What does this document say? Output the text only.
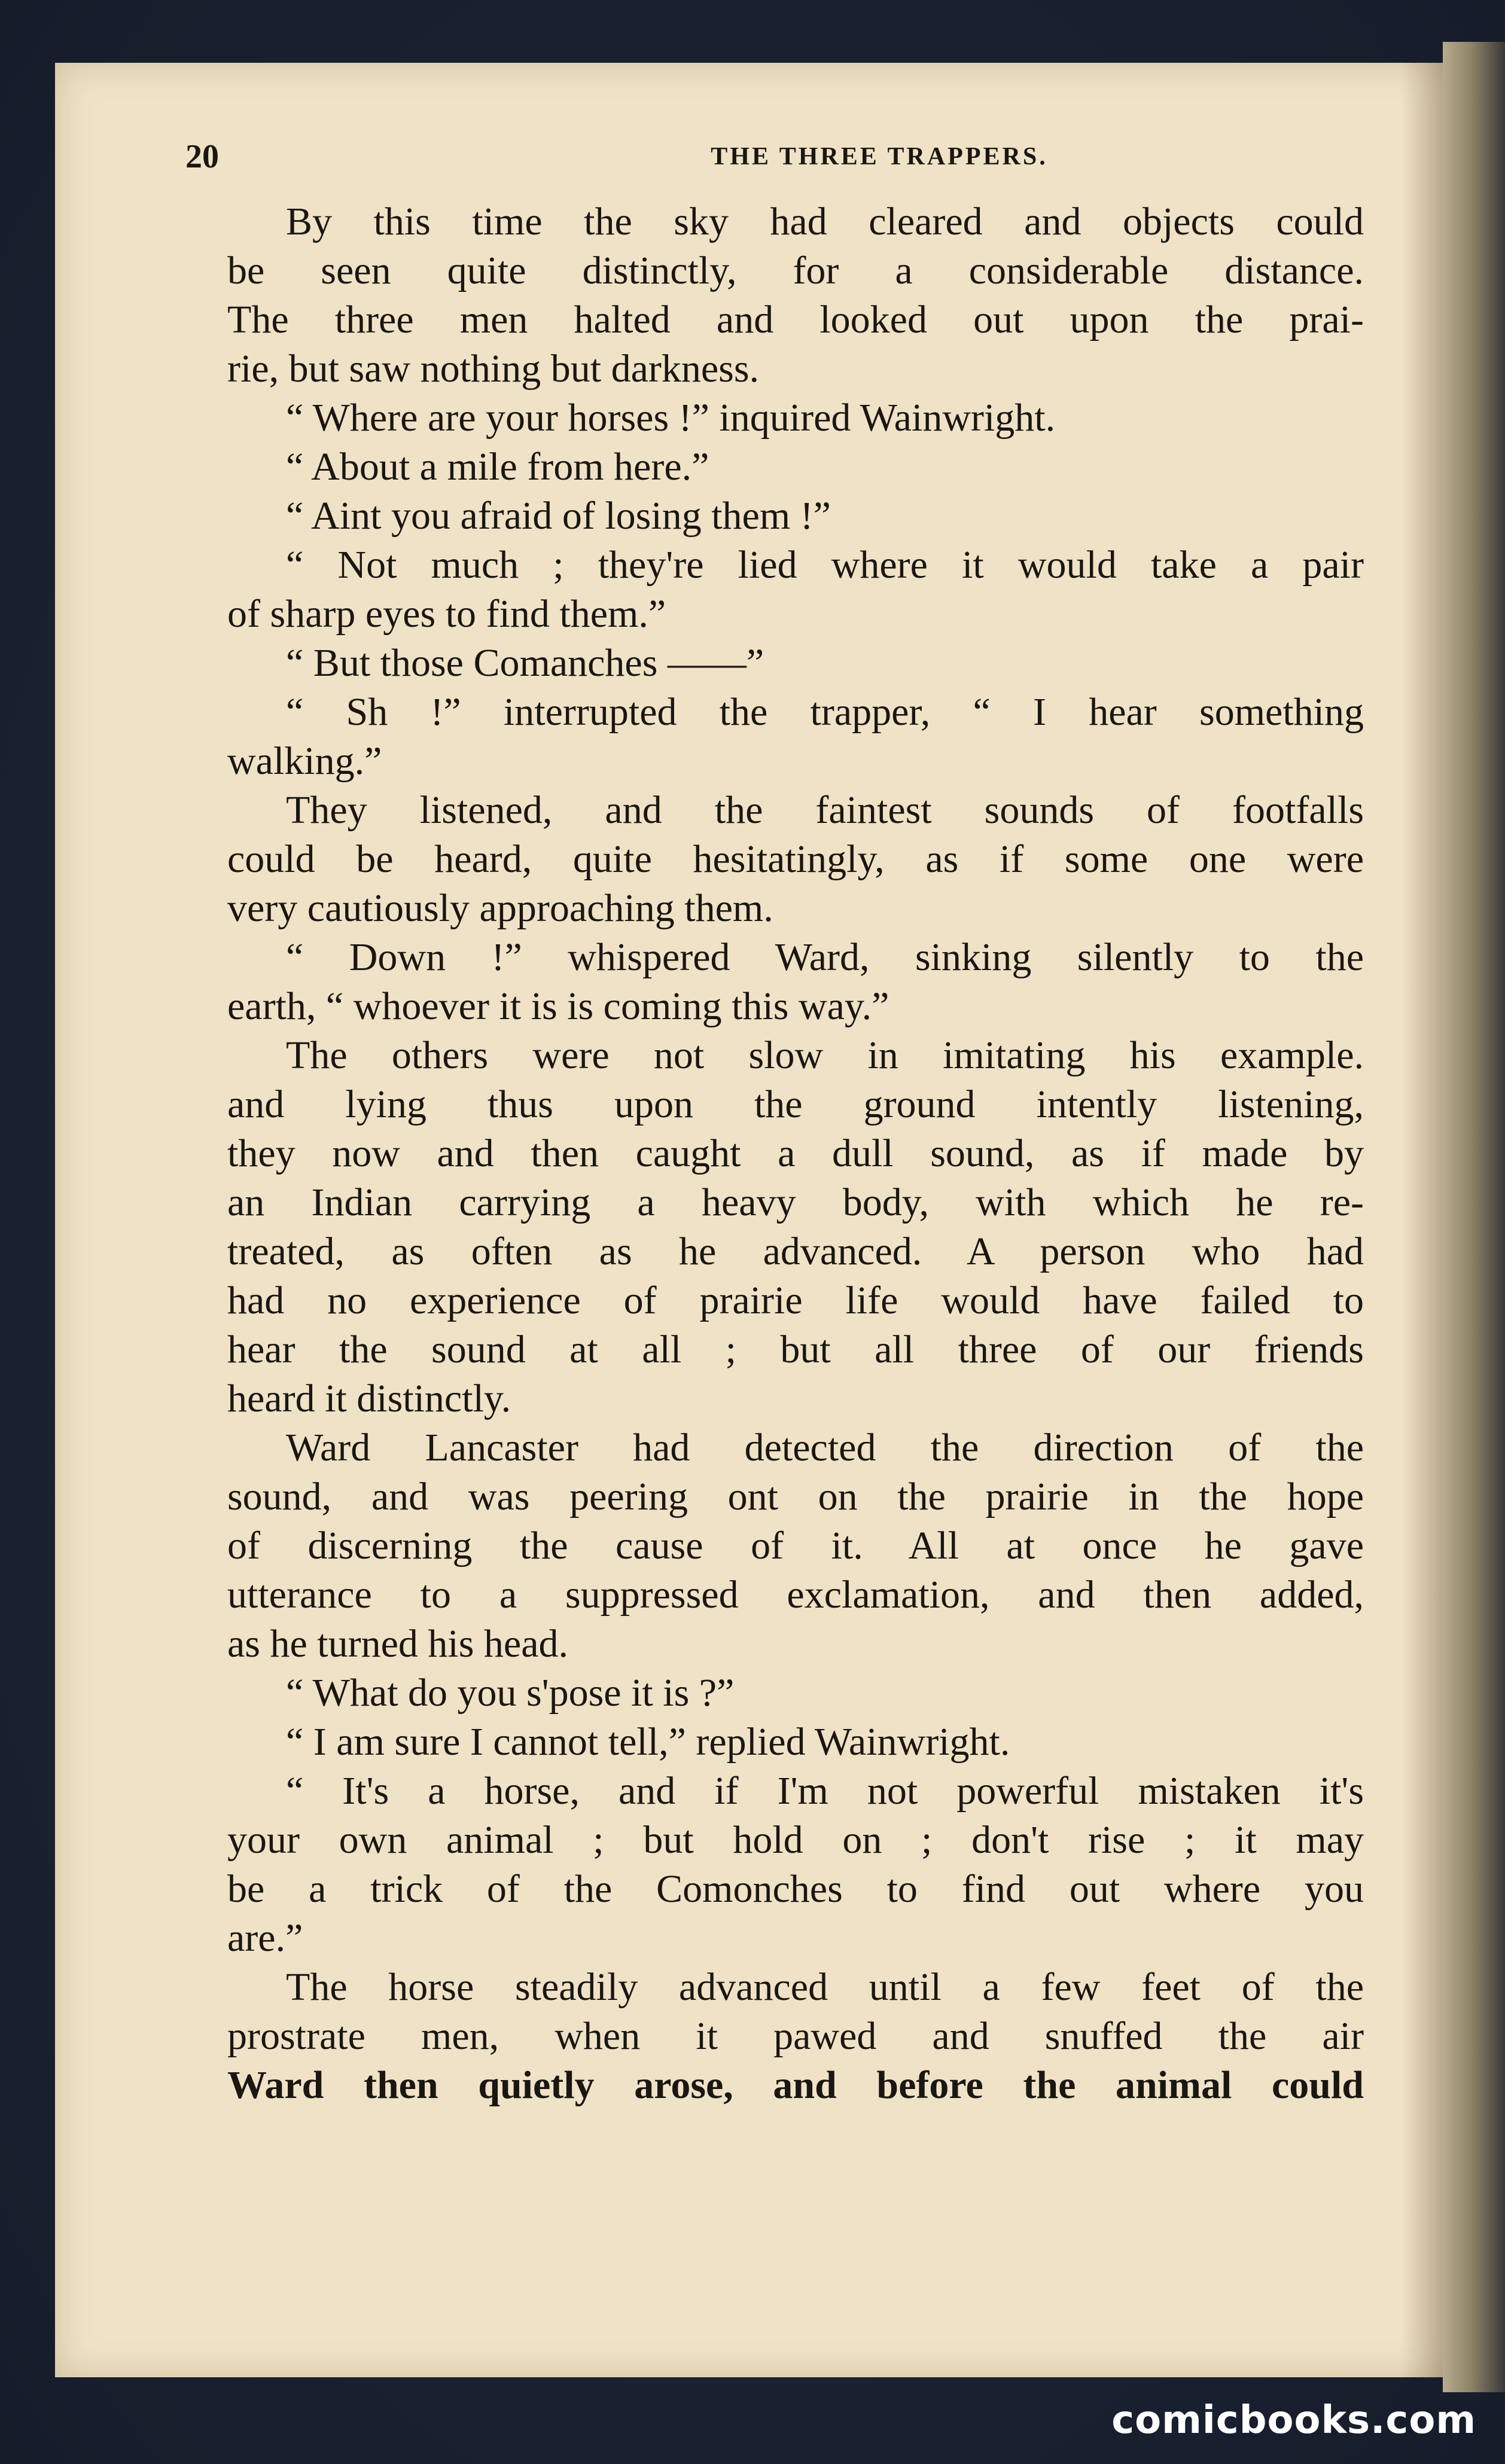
20	THE THREE TRAPPERS.
By this time the sky had cleared and objects could
be seen quite distinctly, for a considerable distance.
The three men halted and looked out upon the prai-
rie, but saw nothing but darkness.
“ Where are your horses !” inquired Wainwright.
“ About a mile from here.”
“ Aint you afraid of losing them !”
“ Not much ; they're lied where it would take a pair
of sharp eyes to find them.”
“ But those Comanches ——”
“ Sh !” interrupted the trapper, “ I hear something
walking.”
They listened, and the faintest sounds of footfalls
could be heard, quite hesitatingly, as if some one were
very cautiously approaching them.
“ Down !” whispered Ward, sinking silently to the
earth, “ whoever it is is coming this way.”
The others were not slow in imitating his example.
and lying thus upon the ground intently listening,
they now and then caught a dull sound, as if made by
an Indian carrying a heavy body, with which he re-
treated, as often as he advanced. A person who had
had no experience of prairie life would have failed to
hear the sound at all ; but all three of our friends
heard it distinctly.
Ward Lancaster had detected the direction of the
sound, and was peering ont on the prairie in the hope
of discerning the cause of it. All at once he gave
utterance to a suppressed exclamation, and then added,
as he turned his head.
“ What do you s'pose it is ?”
“ I am sure I cannot tell,” replied Wainwright.
“ It's a horse, and if I'm not powerful mistaken it's
your own animal ; but hold on ; don't rise ; it may
be a trick of the Comonches to find out where you
are.”
The horse steadily advanced until a few feet of the
prostrate men, when it pawed and snuffed the air
Ward then quietly arose, and before the animal could
comicbooks.com
